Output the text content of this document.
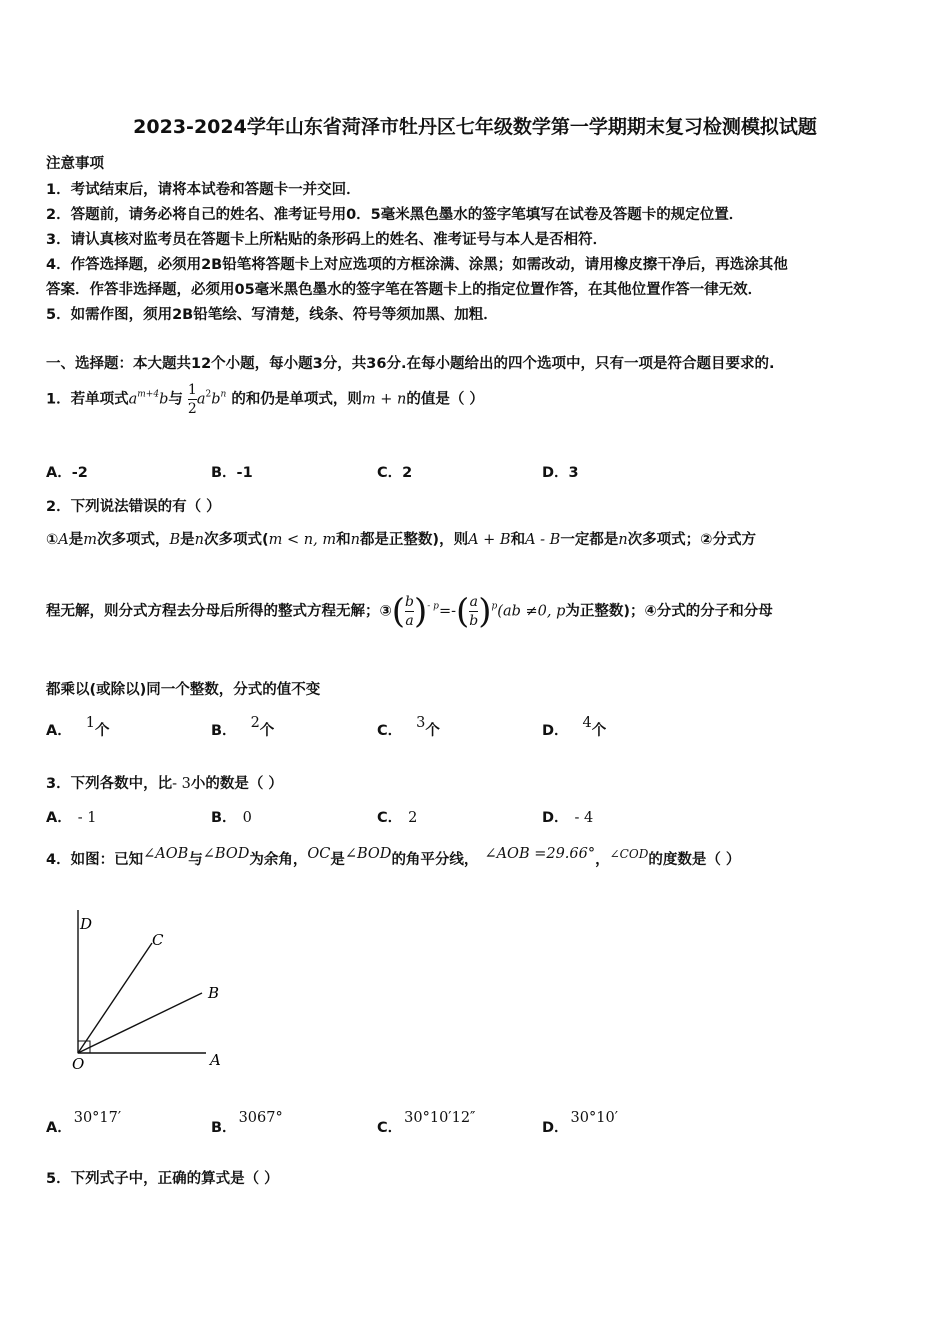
2023-2024学年山东省菏泽市牡丹区七年级数学第一学期期末复习检测模拟试题
注意事项
1．考试结束后，请将本试卷和答题卡一并交回．
2．答题前，请务必将自己的姓名、准考证号用0．5毫米黑色墨水的签字笔填写在试卷及答题卡的规定位置．
3．请认真核对监考员在答题卡上所粘贴的条形码上的姓名、准考证号与本人是否相符．
4．作答选择题，必须用2B铅笔将答题卡上对应选项的方框涂满、涂黑；如需改动，请用橡皮擦干净后，再选涂其他
答案．作答非选择题，必须用05毫米黑色墨水的签字笔在答题卡上的指定位置作答，在其他位置作答一律无效．
5．如需作图，须用2B铅笔绘、写清楚，线条、符号等须加黑、加粗．
一、选择题：本大题共12个小题，每小题3分，共36分.在每小题给出的四个选项中，只有一项是符合题目要求的.
1．若单项式$a^{m+4}b$与 $\frac{1}{2} a^2b^n$ 的和仍是单项式，则m + n的值是（ ）
A．-2	B．-1	C．2	D．3
2．下列说法错误的有（ ）
①A是m次多项式，B是n次多项式(m < n, m和n都是正整数)，则A + B和A - B一定都是n次多项式；②分式方
程无解，则分式方程去分母后所得的整式方程无解；③( $\frac{b}{a} )^{- p}=-( \frac{a}{b} )^p(ab \ne 0$, p为正整数)；④分式的分子和分母
都乘以(或除以)同一个整数，分式的值不变
A． 1个	B． 2个	C． 3个	D． 4个
3．下列各数中，比- 3小的数是（ ）
A． - 1	B． 0	C． 2	D． - 4
4．如图：已知∠AOB与∠BOD为余角，OC是∠BOD的角平分线， ∠AOB =29.66°，$^{\angle COD}$的度数是（ ）
D
C
B
O	A
A．30°17′
B．3067°
C．30°10′12″
D．30°10′
5．下列式子中，正确的算式是（ ）
